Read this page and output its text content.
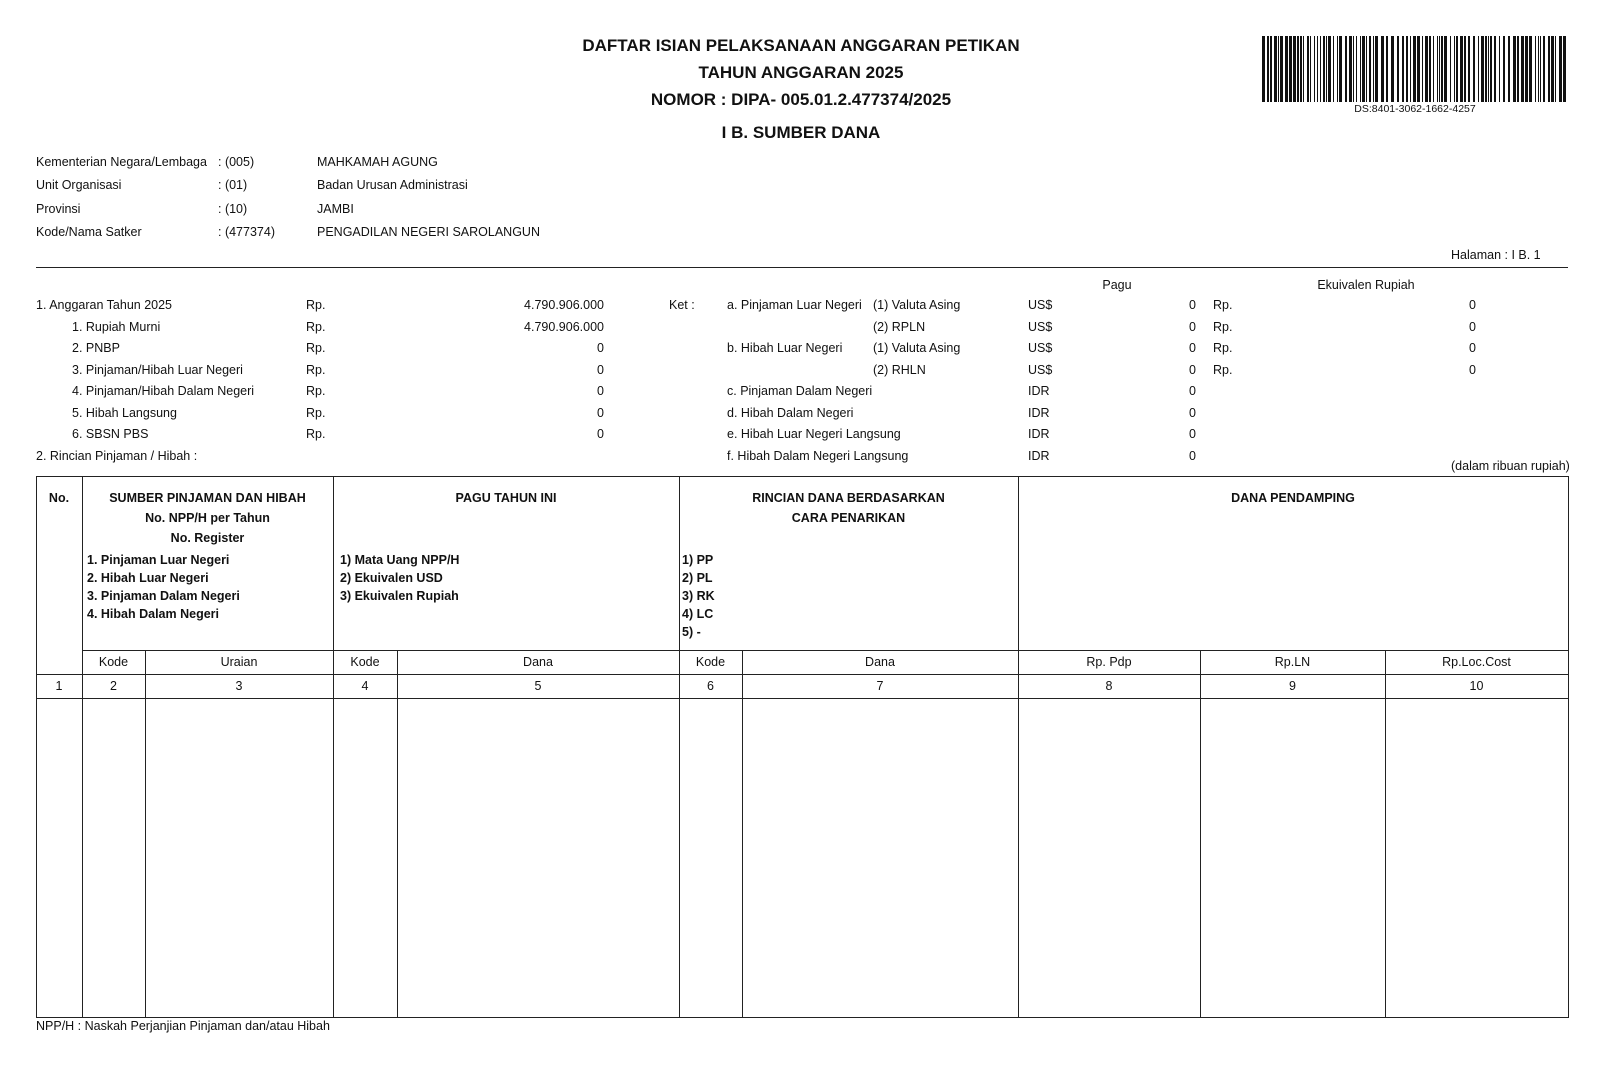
DAFTAR ISIAN PELAKSANAAN ANGGARAN PETIKAN
TAHUN ANGGARAN 2025
NOMOR : DIPA- 005.01.2.477374/2025
I B. SUMBER DANA
DS:8401-3062-1662-4257
Kementerian Negara/Lembaga : (005)	MAHKAMAH AGUNG
Unit Organisasi	: (01)	Badan Urusan Administrasi
Provinsi	: (10)	JAMBI
Kode/Nama Satker	: (477374)	PENGADILAN NEGERI SAROLANGUN
Halaman : I B. 1
Pagu	Ekuivalen Rupiah
1. Anggaran Tahun 2025	Rp.	4.790.906.000
1. Rupiah Murni	Rp.	4.790.906.000
2. PNBP	Rp.	0
3. Pinjaman/Hibah Luar Negeri	Rp.	0
4. Pinjaman/Hibah Dalam Negeri	Rp.	0
5. Hibah Langsung	Rp.	0
6. SBSN PBS	Rp.	0
2. Rincian Pinjaman / Hibah :
Ket :	a. Pinjaman Luar Negeri (1) Valuta Asing	US$	0 Rp.	0
(2) RPLN	US$	0 Rp.	0
b. Hibah Luar Negeri (1) Valuta Asing	US$	0 Rp.	0
(2) RHLN	US$	0 Rp.	0
c. Pinjaman Dalam Negeri	IDR	0
d. Hibah Dalam Negeri	IDR	0
e. Hibah Luar Negeri Langsung	IDR	0
f. Hibah Dalam Negeri Langsung	IDR	0
(dalam ribuan rupiah)
No.	SUMBER PINJAMAN DAN HIBAH
No. NPP/H per Tahun
No. Register
1. Pinjaman Luar Negeri
2. Hibah Luar Negeri
3. Pinjaman Dalam Negeri
4. Hibah Dalam Negeri
PAGU TAHUN INI
1) Mata Uang NPP/H
2) Ekuivalen USD
3) Ekuivalen Rupiah
RINCIAN DANA BERDASARKAN
CARA PENARIKAN
1) PP
2) PL
3) RK
4) LC
5) -
DANA PENDAMPING
Kode	Uraian	Kode	Dana	Kode	Dana	Rp. Pdp	Rp.LN	Rp.Loc.Cost
1	2	3	4	5	6	7	8	9	10
NPP/H : Naskah Perjanjian Pinjaman dan/atau Hibah
